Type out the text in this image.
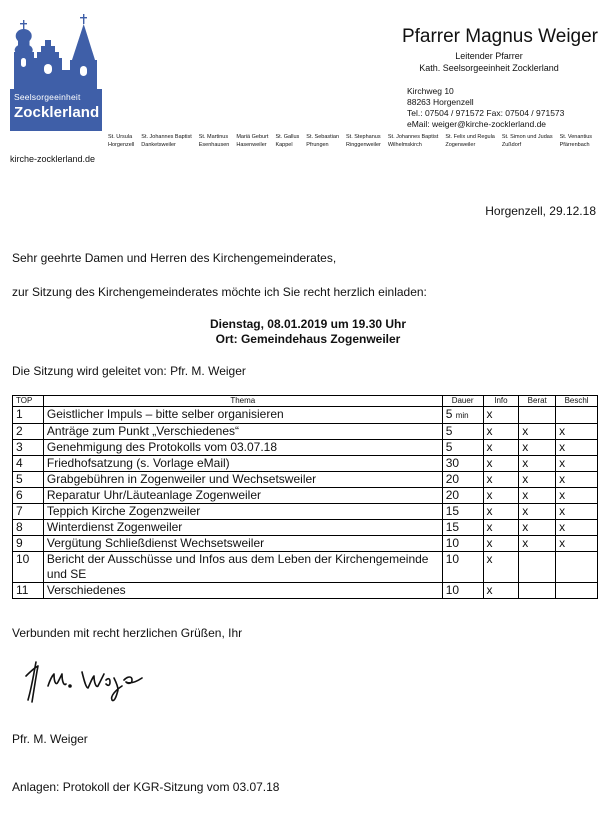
Seelsorgeeinheit
Zocklerland
kirche-zocklerland.de
St. Ursula
Horgenzell
St. Johannes Baptist
Danketsweiler
St. Martinus
Esenhausen
Mariä Geburt
Hasenweiler
St. Gallus
Kappel
St. Sebastian
Pfrungen
St. Stephanus
Ringgenweiler
St. Johannes Baptist
Wilhelmskirch
St. Felix und Regula
Zogenweiler
St. Simon und Judas
Zußdorf
St. Venantius
Pfärrenbach
Pfarrer Magnus Weiger
Leitender Pfarrer
Kath. Seelsorgeeinheit Zocklerland
Kirchweg 10
88263 Horgenzell
Tel.: 07504 / 971572 Fax: 07504 / 971573
eMail: weiger@kirche-zocklerland.de
Horgenzell, 29.12.18
Sehr geehrte Damen und Herren des Kirchengemeinderates,
zur Sitzung des Kirchengemeinderates möchte ich Sie recht herzlich einladen:
Dienstag, 08.01.2019 um 19.30 Uhr
Ort: Gemeindehaus Zogenweiler
Die Sitzung wird geleitet von: Pfr. M. Weiger
TOP	Thema	Dauer	Info	Berat	Beschl
1	Geistlicher Impuls – bitte selber organisieren	5 min	x		
2	Anträge zum Punkt „Verschiedenes“	5	x	x	x
3	Genehmigung des Protokolls vom 03.07.18	5	x	x	x
4	Friedhofsatzung (s. Vorlage eMail)	30	x	x	x
5	Grabgebühren in Zogenweiler und Wechsetsweiler	20	x	x	x
6	Reparatur Uhr/Läuteanlage Zogenweiler	20	x	x	x
7	Teppich Kirche Zogenzweiler	15	x	x	x
8	Winterdienst Zogenweiler	15	x	x	x
9	Vergütung Schließdienst Wechsetsweiler	10	x	x	x
10	Bericht der Ausschüsse und Infos aus dem Leben der Kirchengemeinde und SE	10	x		
11	Verschiedenes	10	x		
Verbunden mit recht herzlichen Grüßen, Ihr
Pfr. M. Weiger
Anlagen: Protokoll der KGR-Sitzung vom 03.07.18
